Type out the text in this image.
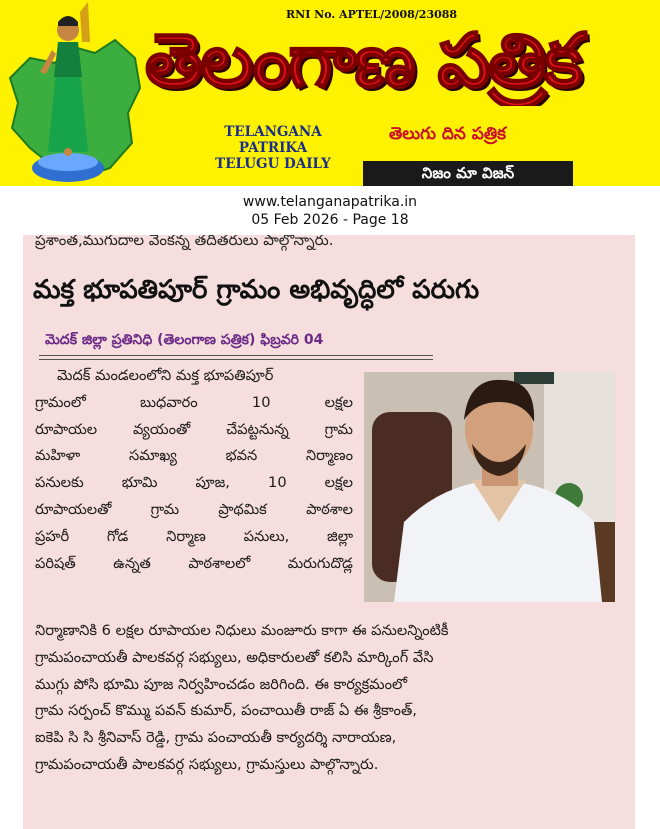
RNI No. APTEL/2008/23088
తెలంగాణ పత్రిక
TELANGANA PATRIKA
TELUGU DAILY
తెలుగు దిన పత్రిక
నిజం మా విజన్
www.telanganapatrika.in
05 Feb 2026 - Page 18
ప్రశాంత,ముగుదాల వెంకన్న తదితరులు పాల్గొన్నారు.
మక్త భూపతిపూర్ గ్రామం అభివృద్ధిలో పరుగు
మెదక్ జిల్లా ప్రతినిధి (తెలంగాణ పత్రిక) ఫిబ్రవరి 04
మెదక్ మండలంలోని మక్త భూపతిపూర్
గ్రామంలో బుధవారం 10 లక్షల
రూపాయల వ్యయంతో చేపట్టనున్న గ్రామ
మహిళా సమాఖ్య భవన నిర్మాణం
పనులకు భూమి పూజ, 10 లక్షల
రూపాయలతో గ్రామ ప్రాథమిక పాఠశాల
ప్రహరీ గోడ నిర్మాణ పనులు, జిల్లా
పరిషత్ ఉన్నత పాఠశాలలో మరుగుదొడ్ల
నిర్మాణానికి 6 లక్షల రూపాయల నిధులు మంజూరు కాగా ఈ పనులన్నింటికీ
గ్రామపంచాయతీ పాలకవర్గ సభ్యులు, అధికారులతో కలిసి మార్కింగ్ వేసి
ముగ్గు పోసి భూమి పూజ నిర్వహించడం జరిగింది. ఈ కార్యక్రమంలో
గ్రామ సర్పంచ్ కొమ్ము పవన్ కుమార్, పంచాయితీ రాజ్ ఏ ఈ శ్రీకాంత్,
ఐకెపి సి సి శ్రీనివాస్ రెడ్డి, గ్రామ పంచాయతీ కార్యదర్శి నారాయణ,
గ్రామపంచాయతీ పాలకవర్గ సభ్యులు, గ్రామస్తులు పాల్గొన్నారు.
